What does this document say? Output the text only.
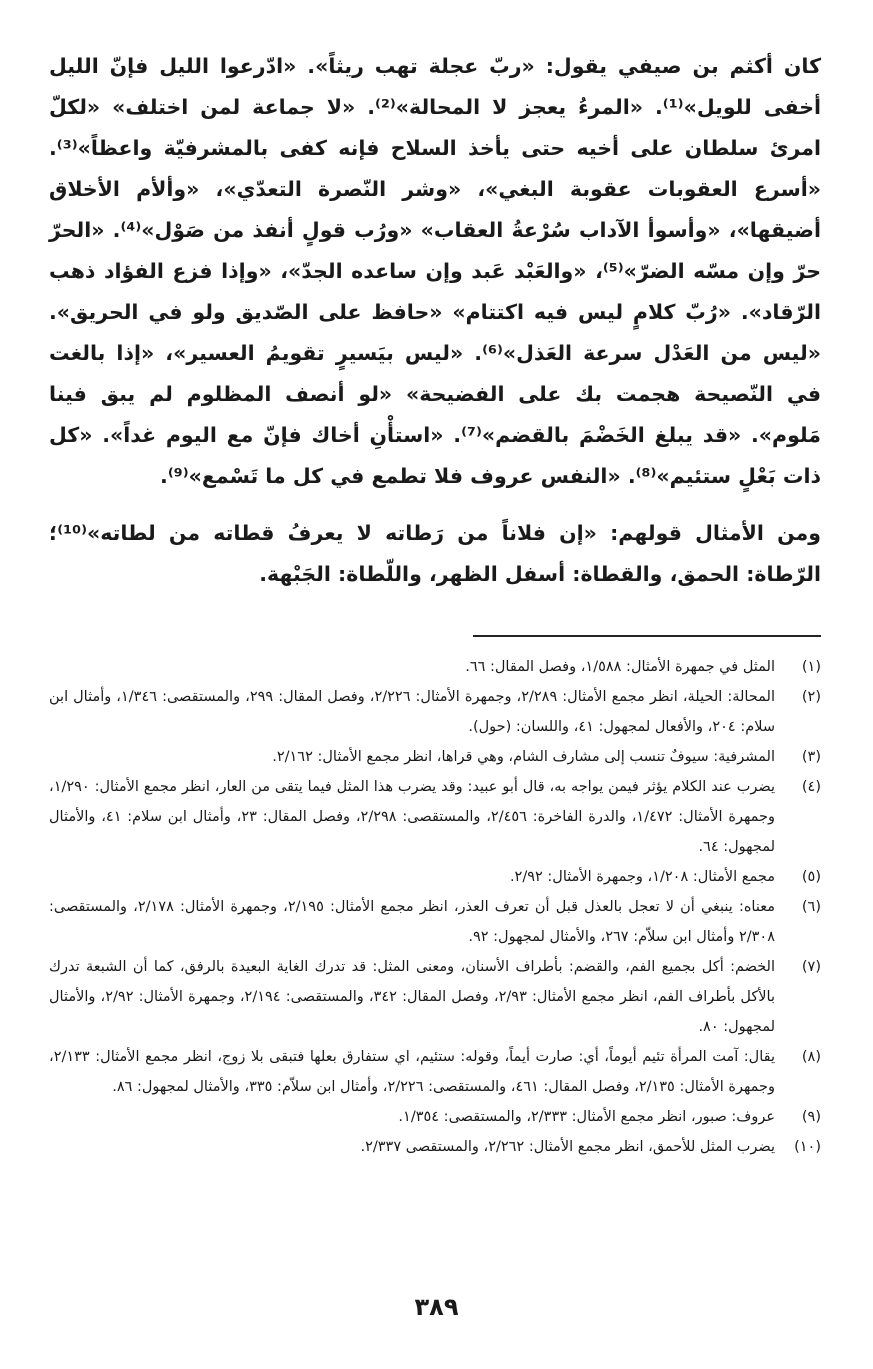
كان أكثم بن صيفي يقول: «ربّ عجلة تهب ريثاً». «ادّرعوا الليل فإنّ الليل أخفى للويل»⁽¹⁾. «المرءُ يعجز لا المحالة»⁽²⁾. «لا جماعة لمن اختلف» «لكلّ امرئ سلطان على أخيه حتى يأخذ السلاح فإنه كفى بالمشرفيّة واعظاً»⁽³⁾. «أسرع العقوبات عقوبة البغي»، «وشر النّصرة التعدّي»، «وألأم الأخلاق أضيقها»، «وأسوأ الآداب سُرْعةُ العقاب» «ورُب قولٍ أنفذ من صَوْل»⁽⁴⁾. «الحرّ حرّ وإن مسّه الضرّ»⁽⁵⁾، «والعَبْد عَبد وإن ساعده الجدّ»، «وإذا فزع الفؤاد ذهب الرّقاد». «رُبّ كلامٍ ليس فيه اكتتام» «حافظ على الصّديق ولو في الحريق». «ليس من العَدْل سرعة العَذل»⁽⁶⁾. «ليس بيَسيرٍ تقويمُ العسير»، «إذا بالغت في النّصيحة هجمت بك على الفضيحة» «لو أنصف المظلوم لم يبق فينا مَلوم». «قد يبلغ الخَضْمَ بالقضم»⁽⁷⁾. «استأْنِ أخاك فإنّ مع اليوم غداً». «كل ذات بَعْلٍ ستئيم»⁽⁸⁾. «النفس عروف فلا تطمع في كل ما تَسْمع»⁽⁹⁾.

ومن الأمثال قولهم: «إن فلاناً من رَطاته لا يعرفُ قطاته من لطاته»⁽¹⁰⁾؛ الرّطاة: الحمق، والقطاة: أسفل الظهر، واللّطاة: الجَبْهة.

(١)
المثل في جمهرة الأمثال: ١/٥٨٨، وفصل المقال: ٦٦.
(٢)
المحالة: الحيلة، انظر مجمع الأمثال: ٢/٢٨٩، وجمهرة الأمثال: ٢/٢٢٦، وفصل المقال: ٢٩٩، والمستقصى: ١/٣٤٦، وأمثال ابن سلام: ٢٠٤، والأفعال لمجهول: ٤١، واللسان: (حول).
(٣)
المشرفية: سيوفٌ تنسب إلى مشارف الشام، وهي قراها، انظر مجمع الأمثال: ٢/١٦٢.
(٤)
يضرب عند الكلام يؤثر فيمن يواجه به، قال أبو عبيد: وقد يضرب هذا المثل فيما يتقى من العار، انظر مجمع الأمثال: ١/٢٩٠، وجمهرة الأمثال: ١/٤٧٢، والدرة الفاخرة: ٢/٤٥٦، والمستقصى: ٢/٢٩٨، وفصل المقال: ٢٣، وأمثال ابن سلام: ٤١، والأمثال لمجهول: ٦٤.
(٥)
مجمع الأمثال: ١/٢٠٨، وجمهرة الأمثال: ٢/٩٢.
(٦)
معناه: ينبغي أن لا تعجل بالعذل قبل أن تعرف العذر، انظر مجمع الأمثال: ٢/١٩٥، وجمهرة الأمثال: ٢/١٧٨، والمستقصى: ٢/٣٠٨ وأمثال ابن سلاّم: ٢٦٧، والأمثال لمجهول: ٩٢.
(٧)
الخضم: أكل بجميع الفم، والقضم: بأطراف الأسنان، ومعنى المثل: قد تدرك الغاية البعيدة بالرفق، كما أن الشبعة تدرك بالأكل بأطراف الفم، انظر مجمع الأمثال: ٢/٩٣، وفصل المقال: ٣٤٢، والمستقصى: ٢/١٩٤، وجمهرة الأمثال: ٢/٩٢، والأمثال لمجهول: ٨٠.
(٨)
يقال: آمت المرأة تئيم أيوماً، أي: صارت أيماً، وقوله: ستئيم، اي ستفارق بعلها فتبقى بلا زوج، انظر مجمع الأمثال: ٢/١٣٣، وجمهرة الأمثال: ٢/١٣٥، وفصل المقال: ٤٦١، والمستقصى: ٢/٢٢٦، وأمثال ابن سلاّم: ٣٣٥، والأمثال لمجهول: ٨٦.
(٩)
عروف: صبور، انظر مجمع الأمثال: ٢/٣٣٣، والمستقصى: ١/٣٥٤.
(١٠)
يضرب المثل للأحمق، انظر مجمع الأمثال: ٢/٢٦٢، والمستقصى ٢/٣٣٧.
٣٨٩
